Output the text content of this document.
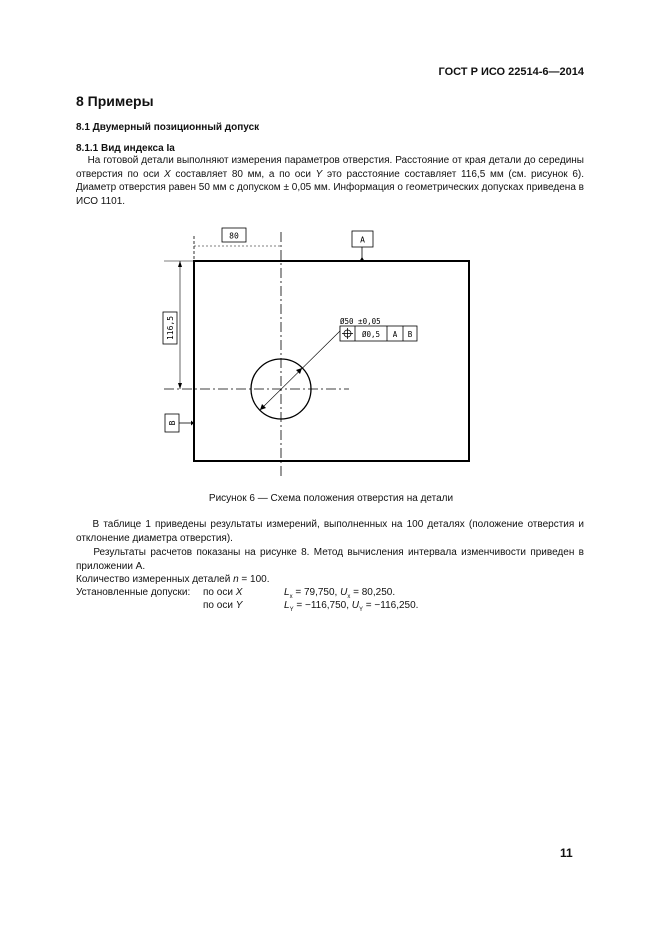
ГОСТ Р ИСО 22514-6—2014
8 Примеры
8.1 Двумерный позиционный допуск
8.1.1 Вид индекса Ia
На готовой детали выполняют измерения параметров отверстия. Расстояние от края детали до середины отверстия по оси X составляет 80 мм, а по оси Y это расстояние составляет 116,5 мм (см. рисунок 6). Диаметр отверстия равен 50 мм с допуском ± 0,05 мм. Информация о геометрических допусках приведена в ИСО 1101.
80
116,5
A
B
Ø50 ±0,05
Ø0,5 A B
Рисунок 6 — Схема положения отверстия на детали
В таблице 1 приведены результаты измерений, выполненных на 100 деталях (положение отверстия и отклонение диаметра отверстия).
Результаты расчетов показаны на рисунке 8. Метод вычисления интервала изменчивости приведен в приложении А.
Количество измеренных деталей n = 100.
Установленные допуски: по оси X	$L_x = 79,750$, $U_x = 80,250$.
по оси Y	$L_Y = -116,750$, $U_Y = -116,250$.
11
